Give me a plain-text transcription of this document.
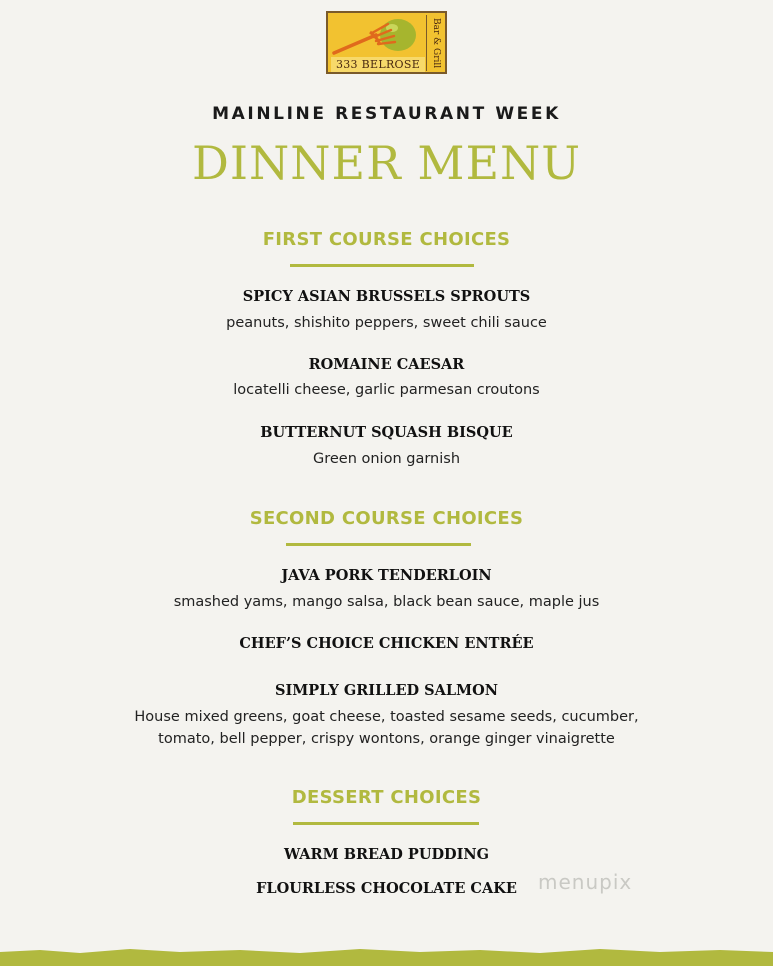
333 BELROSE	Bar & Grill
MAINLINE RESTAURANT WEEK
DINNER MENU
FIRST COURSE CHOICES
SPICY ASIAN BRUSSELS SPROUTS
peanuts, shishito peppers, sweet chili sauce
ROMAINE CAESAR
locatelli cheese, garlic parmesan croutons
BUTTERNUT SQUASH BISQUE
Green onion garnish
SECOND COURSE CHOICES
JAVA PORK TENDERLOIN
smashed yams, mango salsa, black bean sauce, maple jus
CHEF’S CHOICE CHICKEN ENTRÉE
SIMPLY GRILLED SALMON
House mixed greens, goat cheese, toasted sesame seeds, cucumber,
tomato, bell pepper, crispy wontons, orange ginger vinaigrette
DESSERT CHOICES
WARM BREAD PUDDING
FLOURLESS CHOCOLATE CAKE	menupix
